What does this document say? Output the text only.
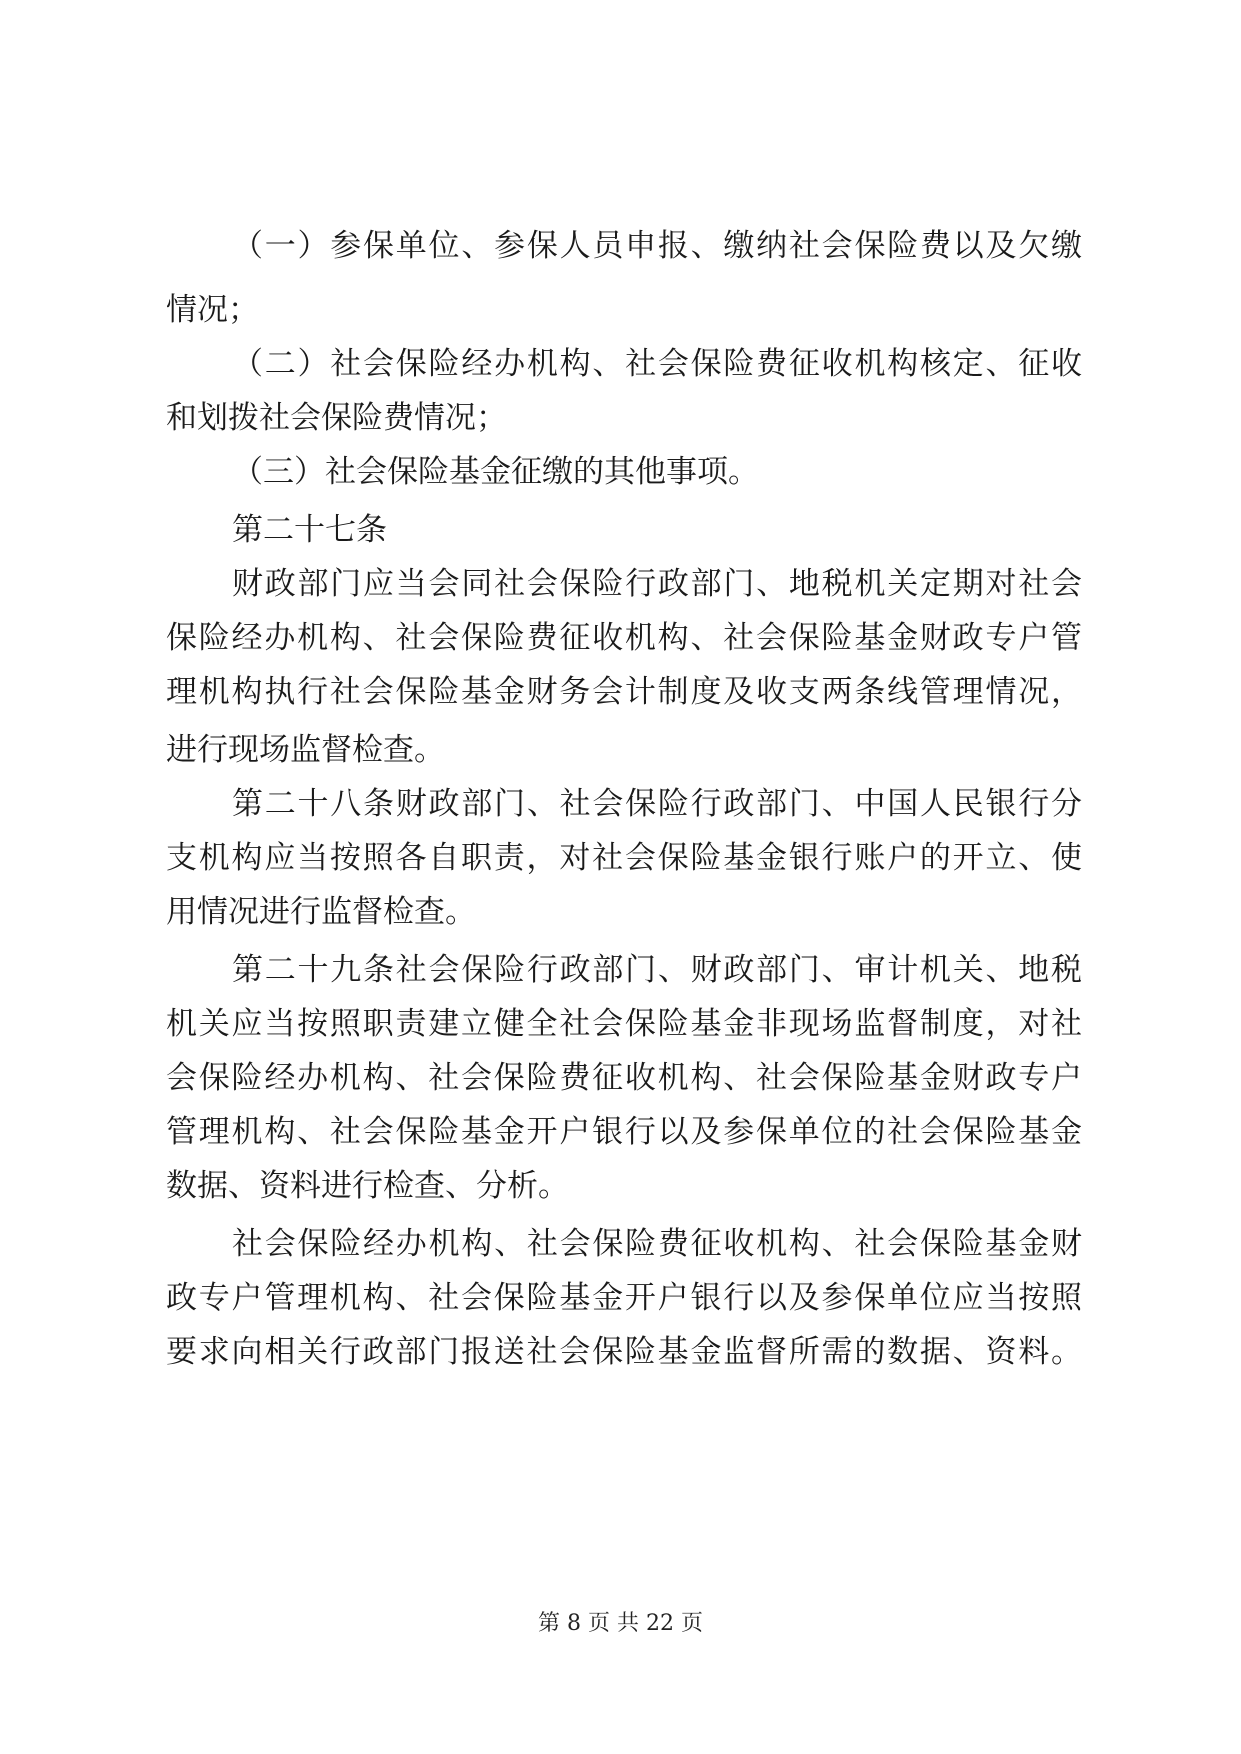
（一）参保单位、参保人员申报、缴纳社会保险费以及欠缴
情况；
（二）社会保险经办机构、社会保险费征收机构核定、征收
和划拨社会保险费情况；
（三）社会保险基金征缴的其他事项。
第二十七条
财政部门应当会同社会保险行政部门、地税机关定期对社会
保险经办机构、社会保险费征收机构、社会保险基金财政专户管
理机构执行社会保险基金财务会计制度及收支两条线管理情况，
进行现场监督检查。
第二十八条财政部门、社会保险行政部门、中国人民银行分
支机构应当按照各自职责，对社会保险基金银行账户的开立、使
用情况进行监督检查。
第二十九条社会保险行政部门、财政部门、审计机关、地税
机关应当按照职责建立健全社会保险基金非现场监督制度，对社
会保险经办机构、社会保险费征收机构、社会保险基金财政专户
管理机构、社会保险基金开户银行以及参保单位的社会保险基金
数据、资料进行检查、分析。
社会保险经办机构、社会保险费征收机构、社会保险基金财
政专户管理机构、社会保险基金开户银行以及参保单位应当按照
要求向相关行政部门报送社会保险基金监督所需的数据、资料。
第 8 页 共 22 页
